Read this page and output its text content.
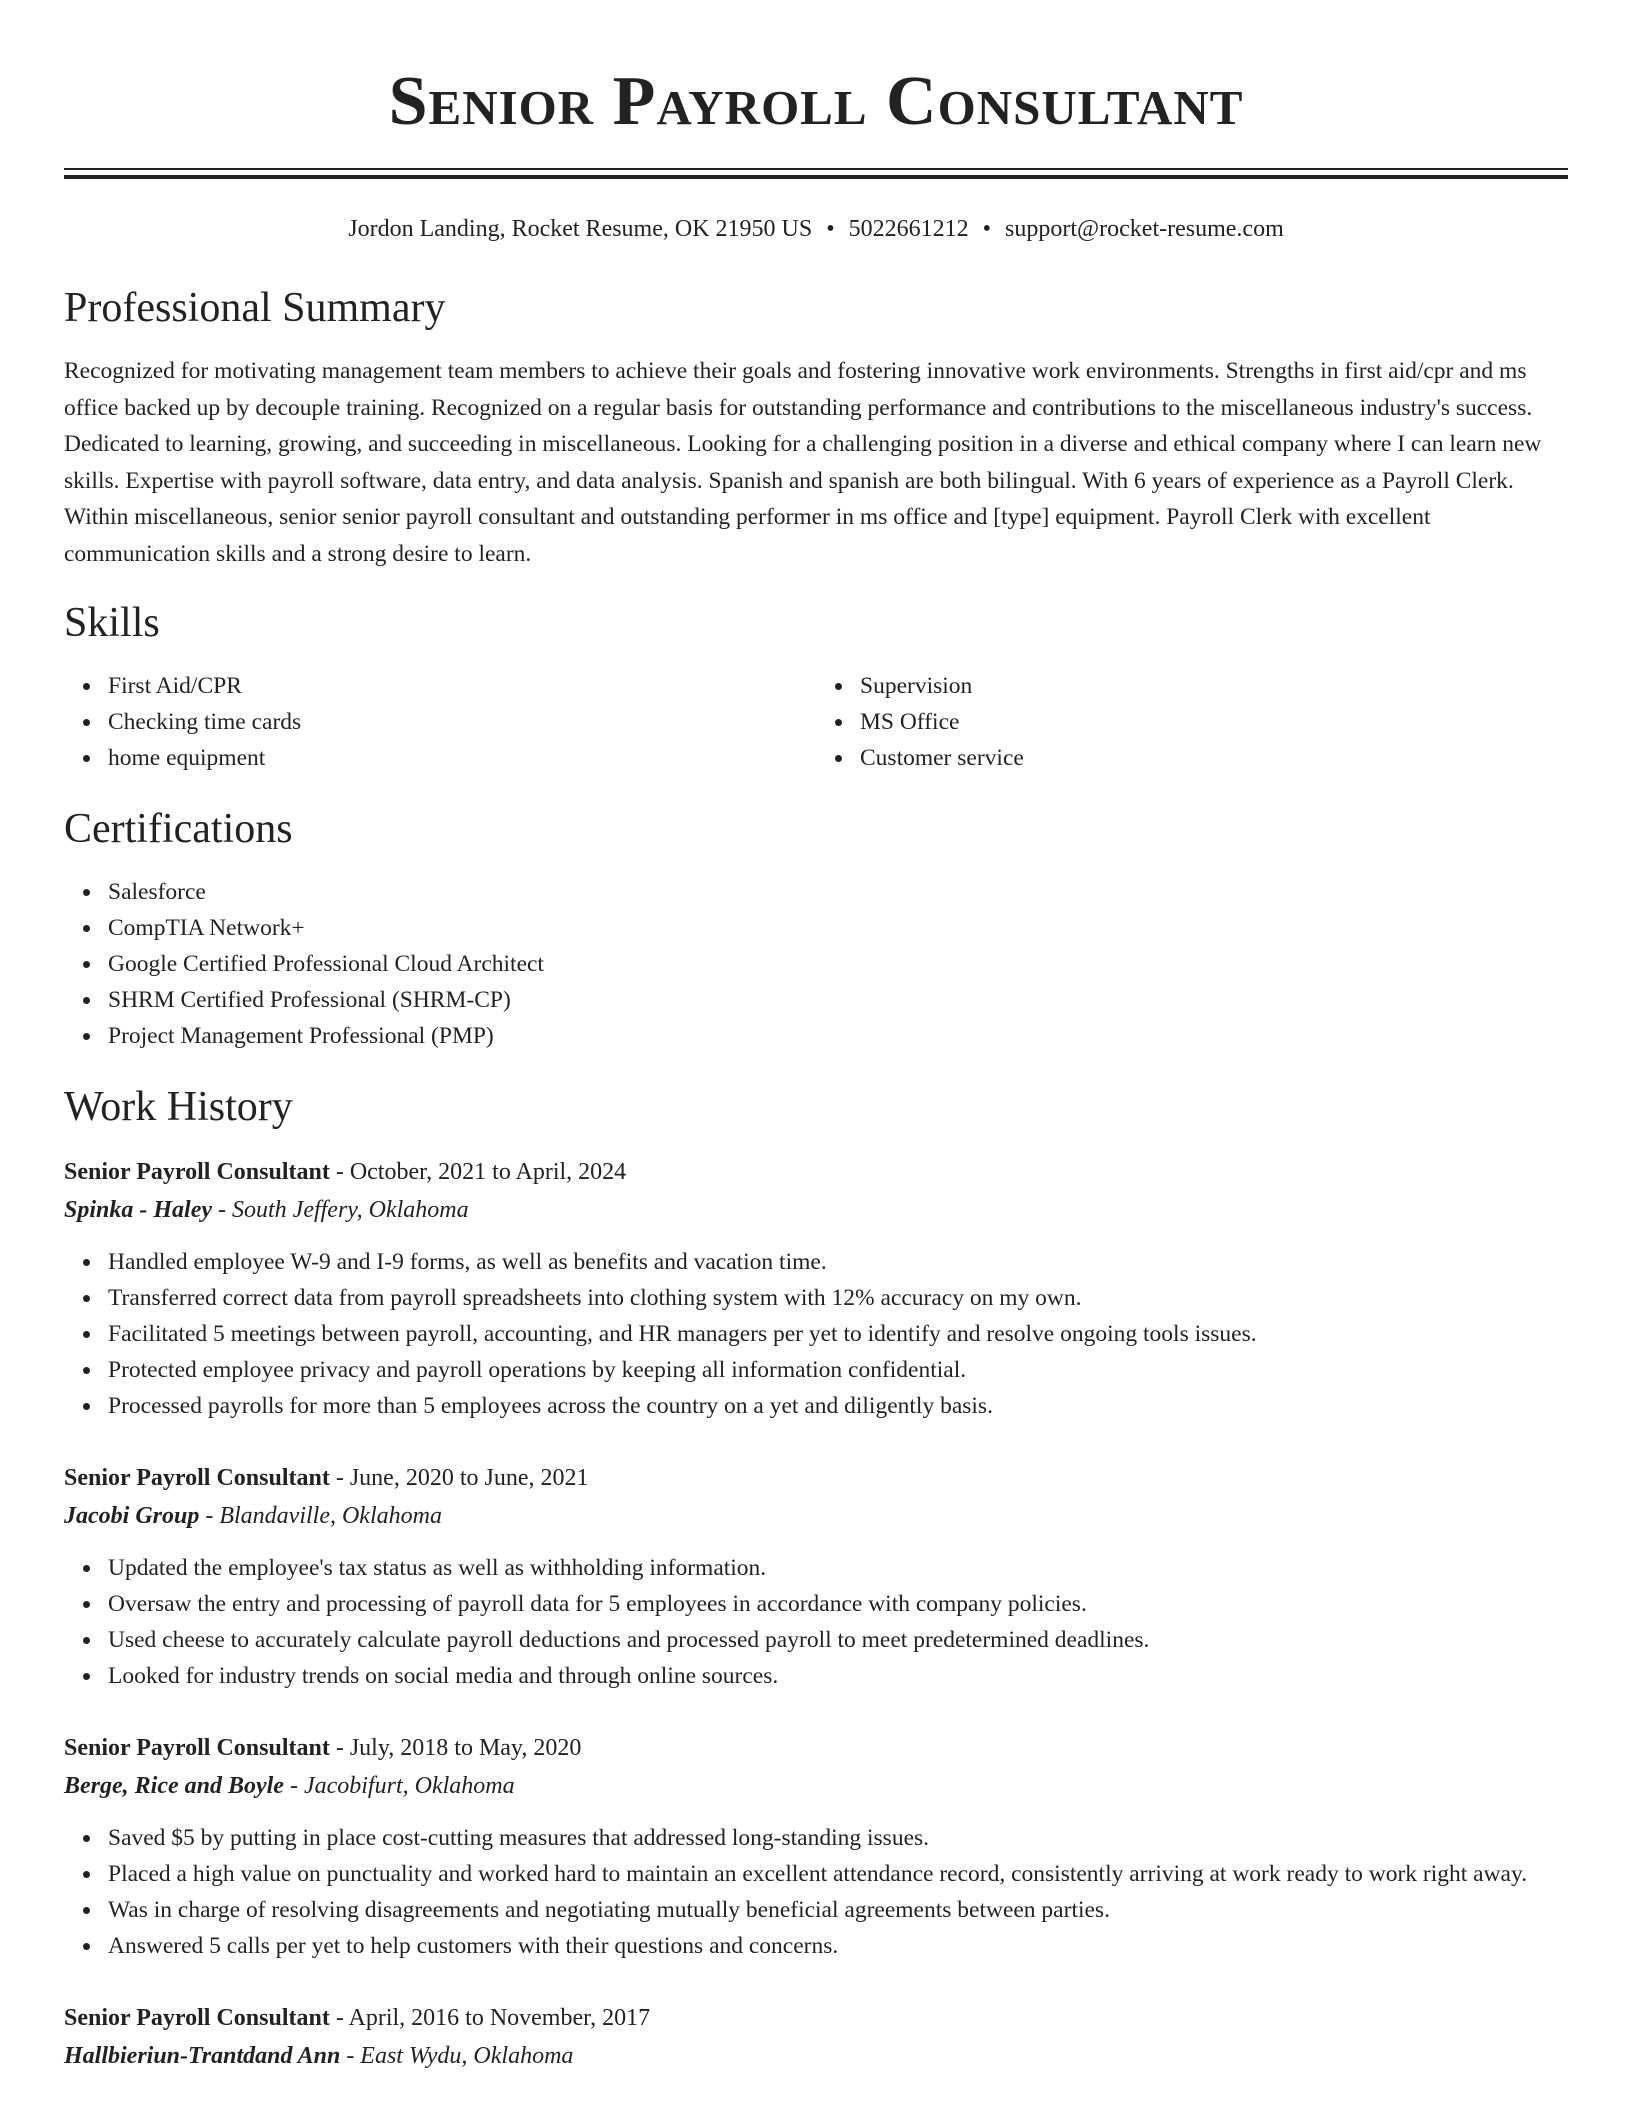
Senior Payroll Consultant
Jordon Landing, Rocket Resume, OK 21950 US • 5022661212 • support@rocket-resume.com
Professional Summary

Recognized for motivating management team members to achieve their goals and fostering innovative work environments. Strengths in first aid/cpr and ms office backed up by decouple training. Recognized on a regular basis for outstanding performance and contributions to the miscellaneous industry's success. Dedicated to learning, growing, and succeeding in miscellaneous. Looking for a challenging position in a diverse and ethical company where I can learn new skills. Expertise with payroll software, data entry, and data analysis. Spanish and spanish are both bilingual. With 6 years of experience as a Payroll Clerk. Within miscellaneous, senior senior payroll consultant and outstanding performer in ms office and [type] equipment. Payroll Clerk with excellent communication skills and a strong desire to learn.

Skills
First Aid/CPR
Checking time cards
home equipment
Supervision
MS Office
Customer service
Certifications
Salesforce
CompTIA Network+
Google Certified Professional Cloud Architect
SHRM Certified Professional (SHRM-CP)
Project Management Professional (PMP)
Work History
Senior Payroll Consultant - October, 2021 to April, 2024
Spinka - Haley - South Jeffery, Oklahoma
Handled employee W-9 and I-9 forms, as well as benefits and vacation time.
Transferred correct data from payroll spreadsheets into clothing system with 12% accuracy on my own.
Facilitated 5 meetings between payroll, accounting, and HR managers per yet to identify and resolve ongoing tools issues.
Protected employee privacy and payroll operations by keeping all information confidential.
Processed payrolls for more than 5 employees across the country on a yet and diligently basis.
Senior Payroll Consultant - June, 2020 to June, 2021
Jacobi Group - Blandaville, Oklahoma
Updated the employee's tax status as well as withholding information.
Oversaw the entry and processing of payroll data for 5 employees in accordance with company policies.
Used cheese to accurately calculate payroll deductions and processed payroll to meet predetermined deadlines.
Looked for industry trends on social media and through online sources.
Senior Payroll Consultant - July, 2018 to May, 2020
Berge, Rice and Boyle - Jacobifurt, Oklahoma
Saved $5 by putting in place cost-cutting measures that addressed long-standing issues.
Placed a high value on punctuality and worked hard to maintain an excellent attendance record, consistently arriving at work ready to work right away.
Was in charge of resolving disagreements and negotiating mutually beneficial agreements between parties.
Answered 5 calls per yet to help customers with their questions and concerns.
Senior Payroll Consultant - April, 2016 to November, 2017
Hallbieriun-Trantdand Ann - East Wydu, Oklahoma
